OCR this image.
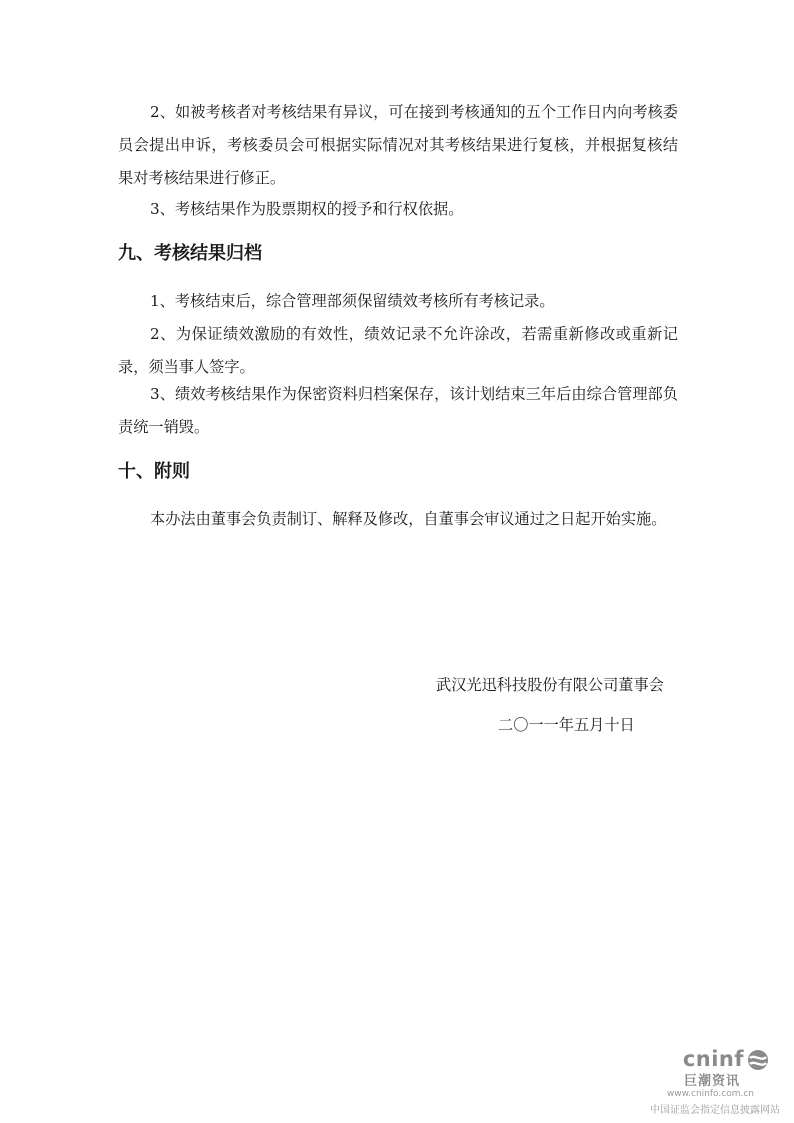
2、如被考核者对考核结果有异议，可在接到考核通知的五个工作日内向考核委员会提出申诉，考核委员会可根据实际情况对其考核结果进行复核，并根据复核结果对考核结果进行修正。

3、考核结果作为股票期权的授予和行权依据。

九、考核结果归档

1、考核结束后，综合管理部须保留绩效考核所有考核记录。

2、为保证绩效激励的有效性，绩效记录不允许涂改，若需重新修改或重新记录，须当事人签字。

3、绩效考核结果作为保密资料归档案保存，该计划结束三年后由综合管理部负责统一销毁。

十、附则

本办法由董事会负责制订、解释及修改，自董事会审议通过之日起开始实施。

武汉光迅科技股份有限公司董事会
二〇一一年五月十日
cninf
巨潮资讯
www.cninfo.com.cn
中国证监会指定信息披露网站
